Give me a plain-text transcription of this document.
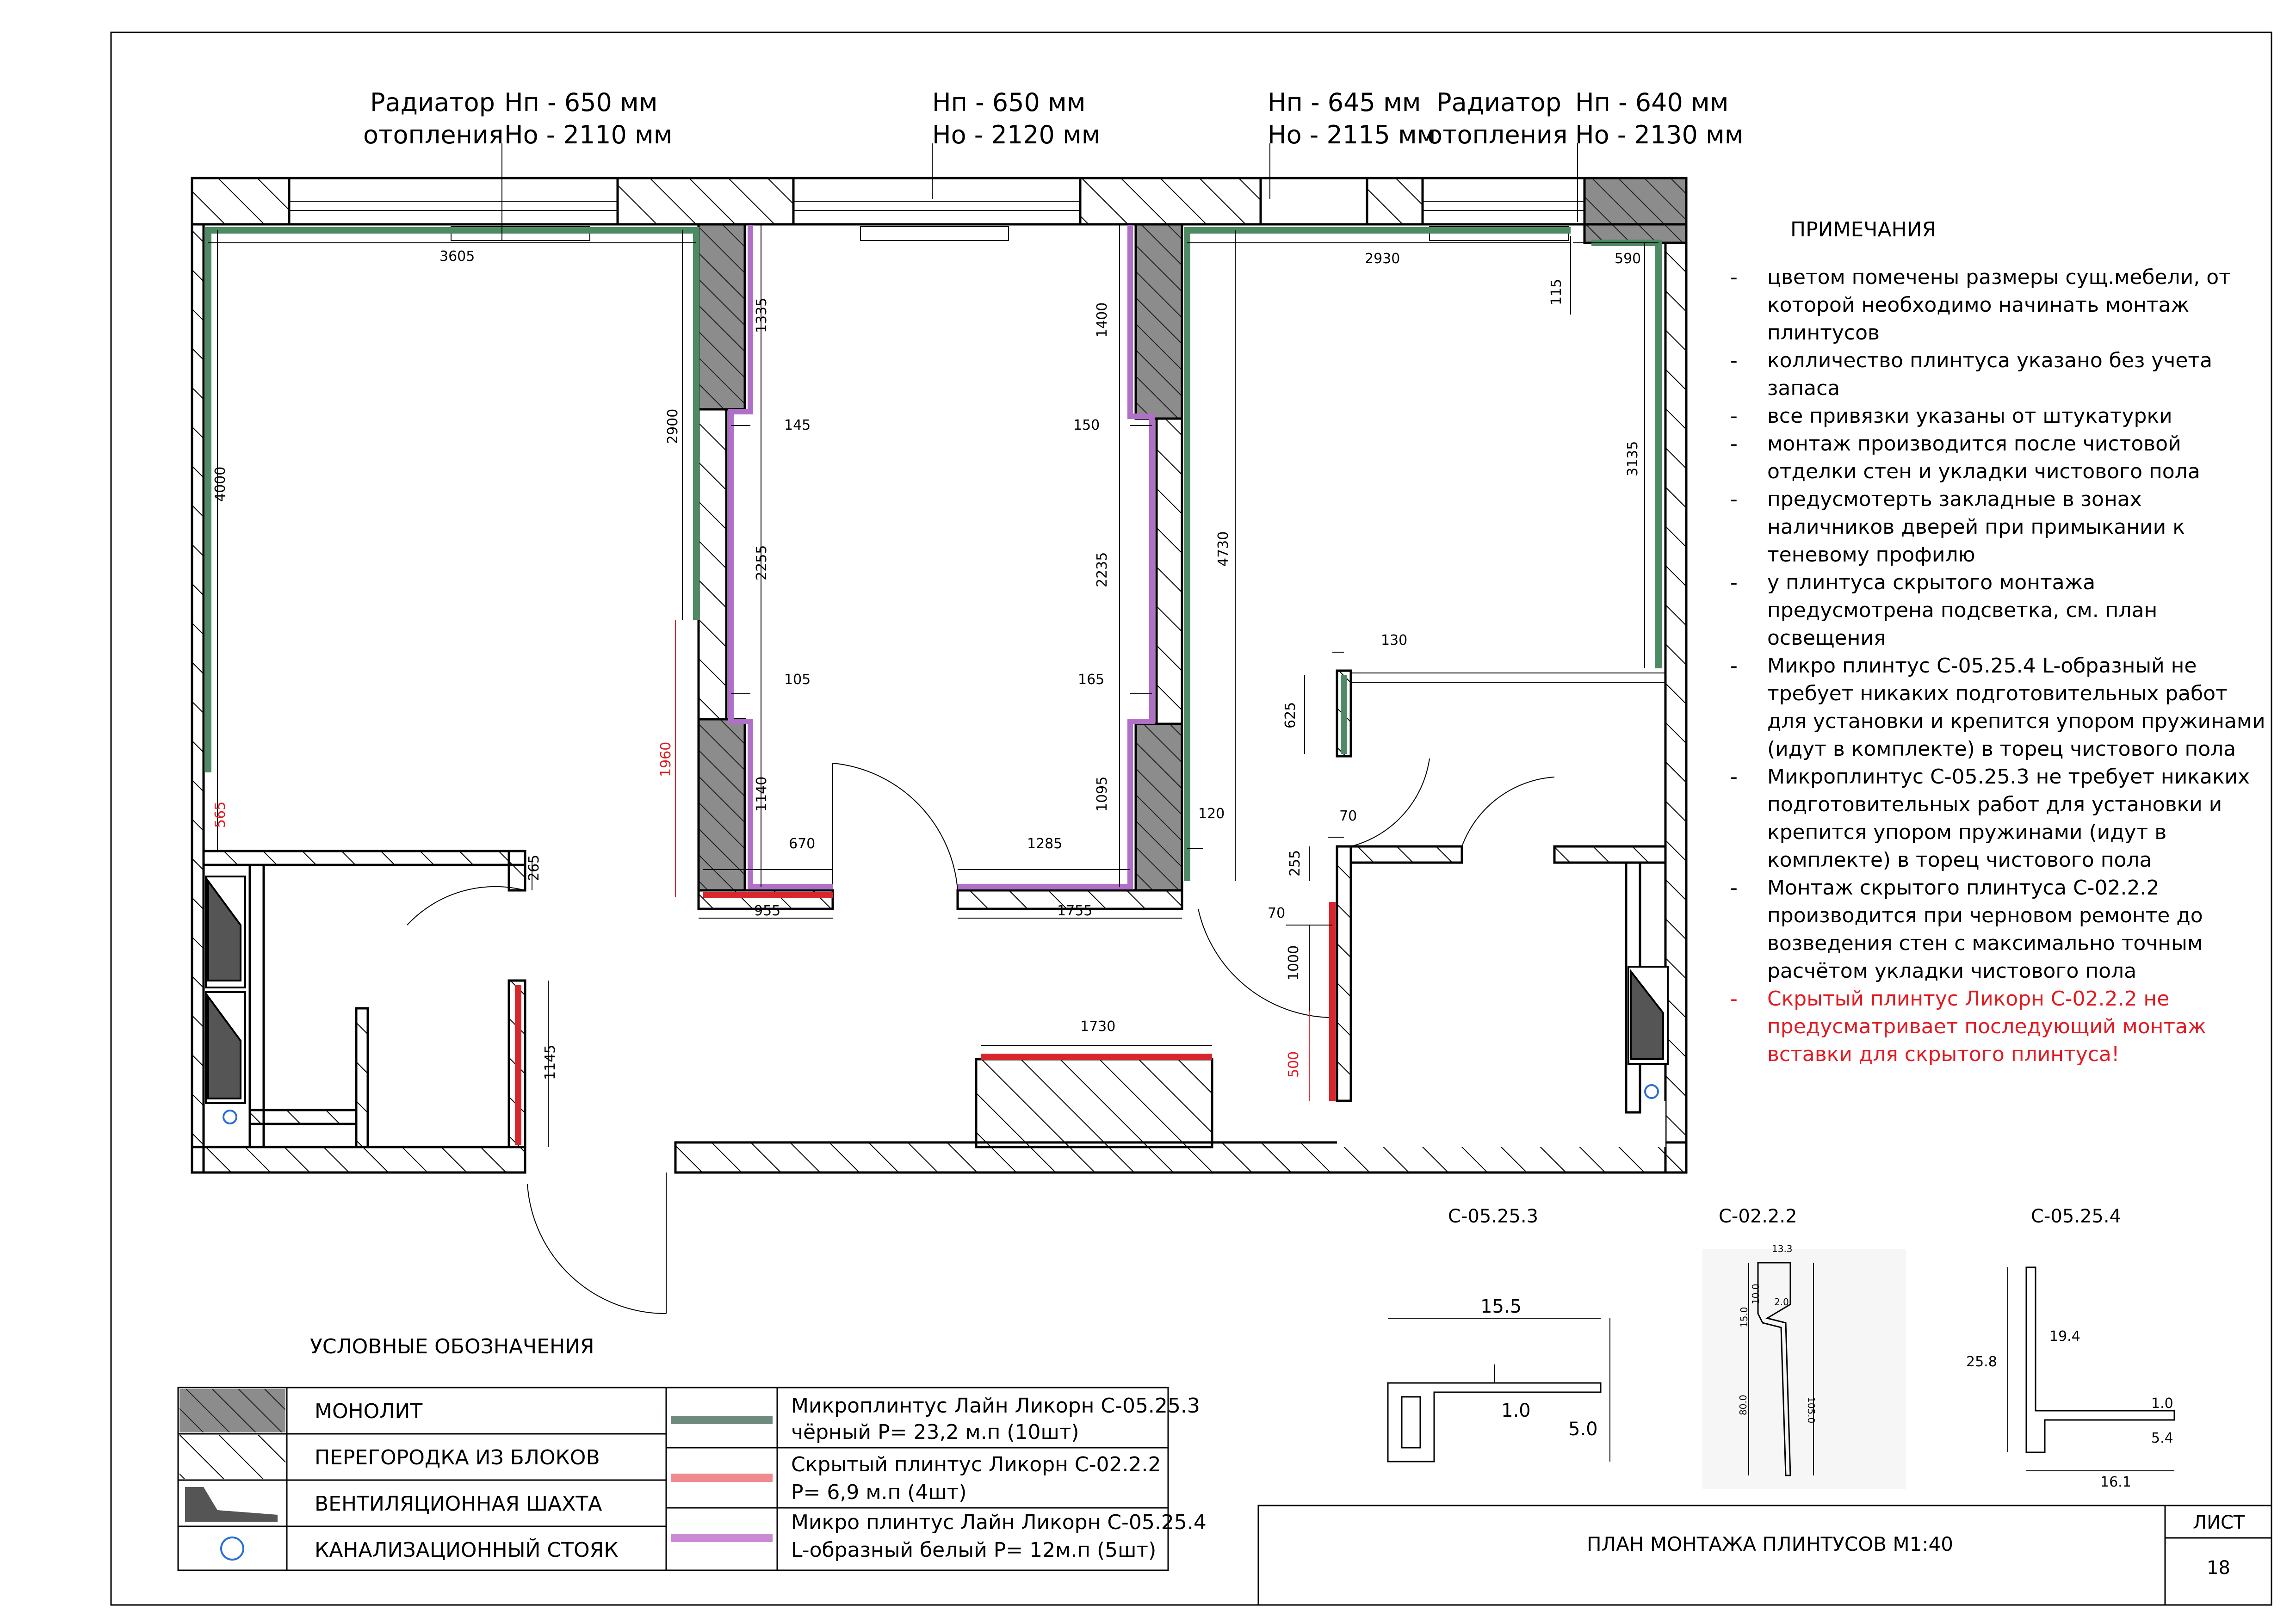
Радиатор
отопления
Нп - 650 мм
Но - 2110 мм
Нп - 650 мм
Но - 2120 мм
Нп - 645 мм
Но - 2115 мм
Радиатор
отопления
Нп - 640 мм
Но - 2130 мм
3605
4000
565
265
1145
2900
1960
1335
145
2255
105
1140
670
955
1285
1755
1400
150
2235
165
1095
4730
120
2930	590
115
3135
130
625
70
255
70
1000
500
1730
ПРИМЕЧАНИЯ
- цветом помечены размеры сущ.мебели, от
которой необходимо начинать монтаж
плинтусов
- колличество плинтуса указано без учета
запаса
- все привязки указаны от штукатурки
- монтаж производится после чистовой
отделки стен и укладки чистового пола
- предусмотерть закладные в зонах
наличников дверей при примыкании к
теневому профилю
- у плинтуса скрытого монтажа
предусмотрена подсветка, см. план
освещения
- Микро плинтус С-05.25.4 L-образный не
требует никаких подготовительных работ
для установки и крепится упором пружинами
(идут в комплекте) в торец чистового пола
- Микроплинтус С-05.25.3 не требует никаких
подготовительных работ для установки и
крепится упором пружинами (идут в
комплекте) в торец чистового пола
- Монтаж скрытого плинтуса С-02.2.2
производится при черновом ремонте до
возведения стен с максимально точным
расчётом укладки чистового пола
- Скрытый плинтус Ликорн С-02.2.2 не
предусматривает последующий монтаж
вставки для скрытого плинтуса!
С-05.25.3
15.5
1.0
5.0
С-02.2.2
13.3
15.0
10.0 2.0
80.0	105.0
С-05.25.4
25.8
19.4
1.0
5.4
16.1
УСЛОВНЫЕ ОБОЗНАЧЕНИЯ
МОНОЛИТ
ПЕРЕГОРОДКА ИЗ БЛОКОВ
ВЕНТИЛЯЦИОННАЯ ШАХТА
КАНАЛИЗАЦИОННЫЙ СТОЯК
Микроплинтус Лайн Ликорн С-05.25.3
чёрный Р= 23,2 м.п (10шт)
Скрытый плинтус Ликорн С-02.2.2
Р= 6,9 м.п (4шт)
Микро плинтус Лайн Ликорн С-05.25.4
L-образный белый Р= 12м.п (5шт)	ПЛАН МОНТАЖА ПЛИНТУСОВ М1:40
ЛИСТ
18
